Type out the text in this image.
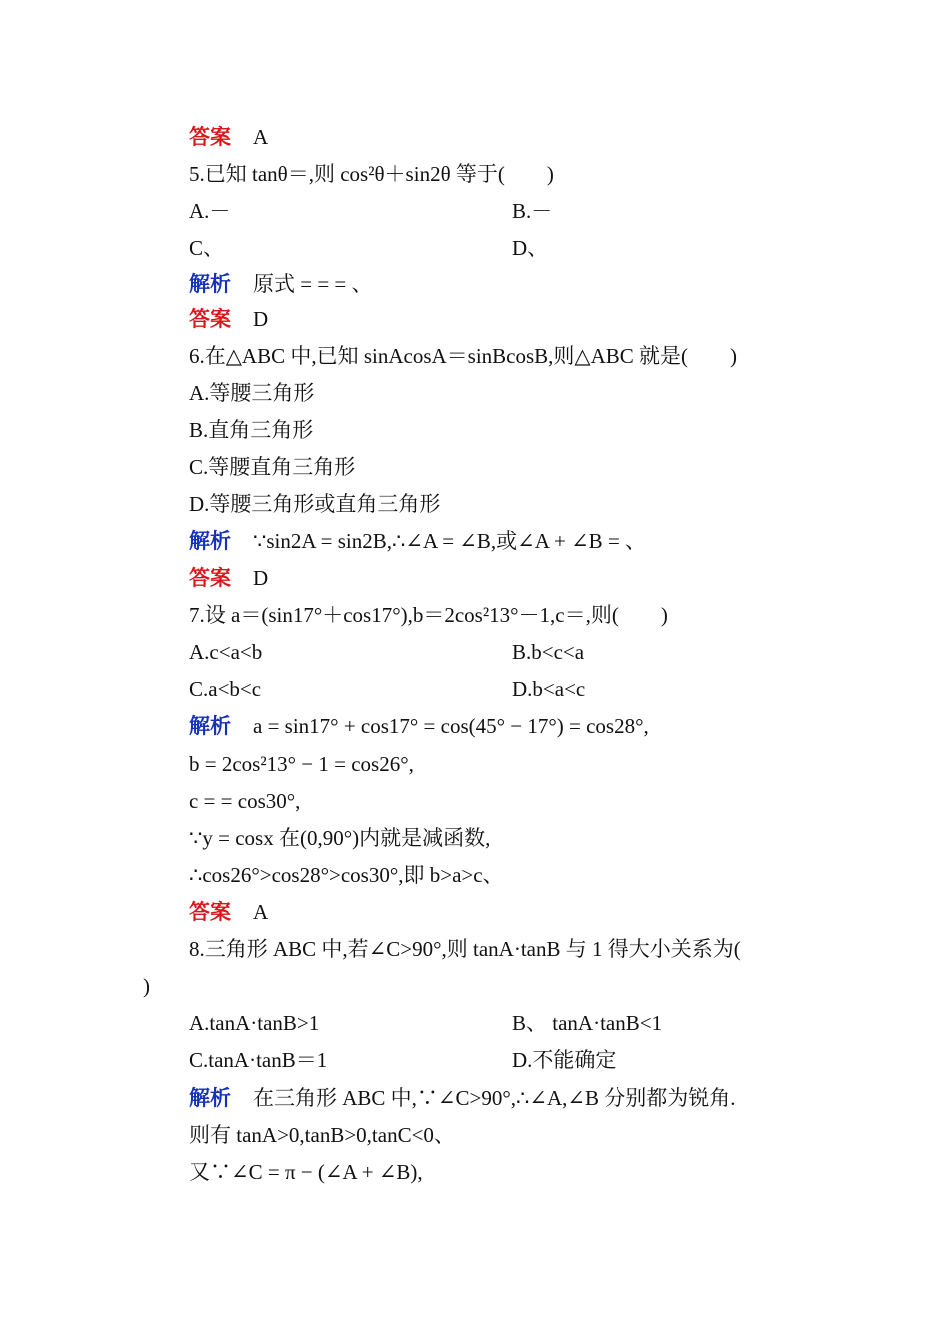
答案 A
5.已知 tanθ＝,则 cos²θ＋sin2θ 等于(　　)
A.－	B.－
C、	D、
解析 原式 = = = 、
答案 D
6.在△ABC 中,已知 sinAcosA＝sinBcosB,则△ABC 就是(　　)
A.等腰三角形
B.直角三角形
C.等腰直角三角形
D.等腰三角形或直角三角形
解析 ∵sin2A = sin2B,∴∠A = ∠B,或∠A + ∠B = 、
答案 D
7.设 a＝(sin17°＋cos17°),b＝2cos²13°－1,c＝,则(　　)
A.c<a<b	B.b<c<a
C.a<b<c	D.b<a<c
解析 a = sin17° + cos17° = cos(45° − 17°) = cos28°,
b = 2cos²13° − 1 = cos26°,
c = = cos30°,
∵y = cosx 在(0,90°)内就是减函数,
∴cos26°>cos28°>cos30°,即 b>a>c、
答案 A
8.三角形 ABC 中,若∠C>90°,则 tanA·tanB 与 1 得大小关系为(
)
A.tanA·tanB>1	B、 tanA·tanB<1
C.tanA·tanB＝1	D.不能确定
解析 在三角形 ABC 中,∵∠C>90°,∴∠A,∠B 分别都为锐角.
则有 tanA>0,tanB>0,tanC<0、
又∵∠C = π − (∠A + ∠B),
